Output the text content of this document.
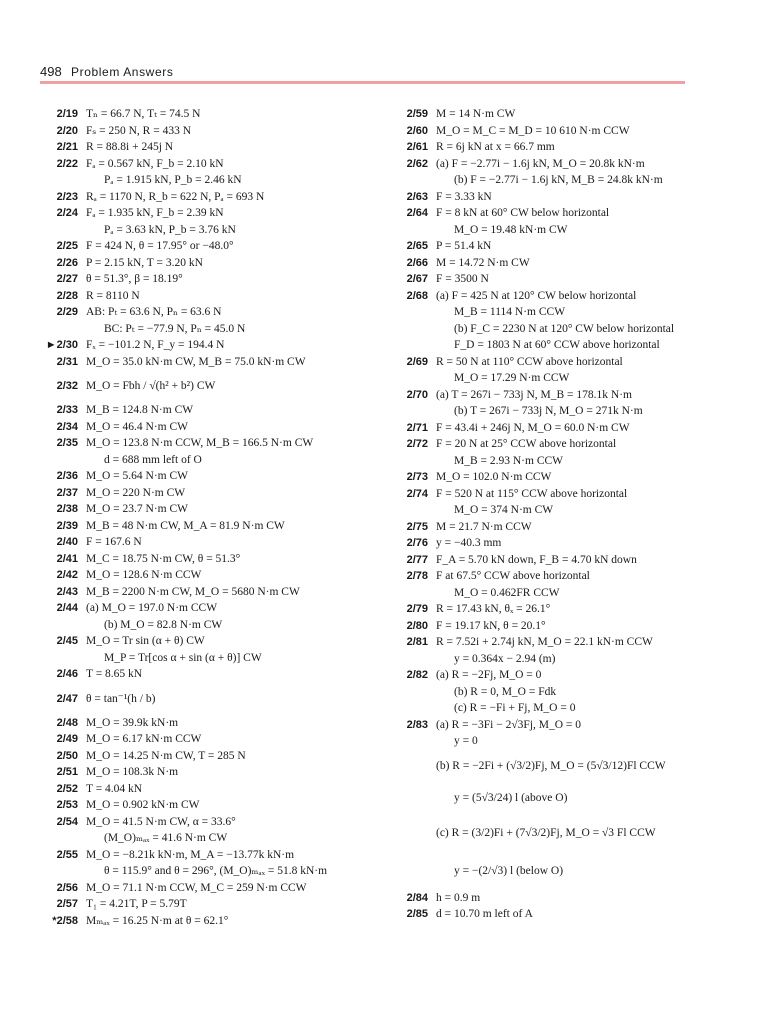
498 Problem Answers
2/19 Tₙ = 66.7 N, Tₜ = 74.5 N
2/20 Fₛ = 250 N, R = 433 N
2/21 R = 88.8i + 245j N
2/22 Fₐ = 0.567 kN, F_b = 2.10 kN
Pₐ = 1.915 kN, P_b = 2.46 kN
2/23 Rₐ = 1170 N, R_b = 622 N, Pₐ = 693 N
2/24 Fₐ = 1.935 kN, F_b = 2.39 kN
Pₐ = 3.63 kN, P_b = 3.76 kN
2/25 F = 424 N, θ = 17.95° or −48.0°
2/26 P = 2.15 kN, T = 3.20 kN
2/27 θ = 51.3°, β = 18.19°
2/28 R = 8110 N
2/29 AB: Pₜ = 63.6 N, Pₙ = 63.6 N
BC: Pₜ = −77.9 N, Pₙ = 45.0 N
►2/30 Fₓ = −101.2 N, F_y = 194.4 N
2/31 M_O = 35.0 kN·m CW, M_B = 75.0 kN·m CW
2/32 M_O = Fbh / √(h² + b²) CW
2/33 M_B = 124.8 N·m CW
2/34 M_O = 46.4 N·m CW
2/35 M_O = 123.8 N·m CCW, M_B = 166.5 N·m CW
d = 688 mm left of O
2/36 M_O = 5.64 N·m CW
2/37 M_O = 220 N·m CW
2/38 M_O = 23.7 N·m CW
2/39 M_B = 48 N·m CW, M_A = 81.9 N·m CW
2/40 F = 167.6 N
2/41 M_C = 18.75 N·m CW, θ = 51.3°
2/42 M_O = 128.6 N·m CCW
2/43 M_B = 2200 N·m CW, M_O = 5680 N·m CW
2/44 (a) M_O = 197.0 N·m CCW
(b) M_O = 82.8 N·m CW
2/45 M_O = Tr sin (α + θ) CW
M_P = Tr[cos α + sin (α + θ)] CW
2/46 T = 8.65 kN
2/47 θ = tan⁻¹(h / b)
2/48 M_O = 39.9k kN·m
2/49 M_O = 6.17 kN·m CCW
2/50 M_O = 14.25 N·m CW, T = 285 N
2/51 M_O = 108.3k N·m
2/52 T = 4.04 kN
2/53 M_O = 0.902 kN·m CW
2/54 M_O = 41.5 N·m CW, α = 33.6°
(M_O)ₘₐₓ = 41.6 N·m CW
2/55 M_O = −8.21k kN·m, M_A = −13.77k kN·m
θ = 115.9° and θ = 296°, (M_O)ₘₐₓ = 51.8 kN·m
2/56 M_O = 71.1 N·m CCW, M_C = 259 N·m CCW
2/57 T₁ = 4.21T, P = 5.79T
*2/58 Mₘₐₓ = 16.25 N·m at θ = 62.1°
2/59 M = 14 N·m CW
2/60 M_O = M_C = M_D = 10 610 N·m CCW
2/61 R = 6j kN at x = 66.7 mm
2/62 (a) F = −2.77i − 1.6j kN, M_O = 20.8k kN·m
(b) F = −2.77i − 1.6j kN, M_B = 24.8k kN·m
2/63 F = 3.33 kN
2/64 F = 8 kN at 60° CW below horizontal
M_O = 19.48 kN·m CW
2/65 P = 51.4 kN
2/66 M = 14.72 N·m CW
2/67 F = 3500 N
2/68 (a) F = 425 N at 120° CW below horizontal
M_B = 1114 N·m CCW
(b) F_C = 2230 N at 120° CW below horizontal
F_D = 1803 N at 60° CCW above horizontal
2/69 R = 50 N at 110° CCW above horizontal
M_O = 17.29 N·m CCW
2/70 (a) T = 267i − 733j N, M_B = 178.1k N·m
(b) T = 267i − 733j N, M_O = 271k N·m
2/71 F = 43.4i + 246j N, M_O = 60.0 N·m CW
2/72 F = 20 N at 25° CCW above horizontal
M_B = 2.93 N·m CCW
2/73 M_O = 102.0 N·m CCW
2/74 F = 520 N at 115° CCW above horizontal
M_O = 374 N·m CW
2/75 M = 21.7 N·m CCW
2/76 y = −40.3 mm
2/77 F_A = 5.70 kN down, F_B = 4.70 kN down
2/78 F at 67.5° CCW above horizontal
M_O = 0.462FR CCW
2/79 R = 17.43 kN, θₓ = 26.1°
2/80 F = 19.17 kN, θ = 20.1°
2/81 R = 7.52i + 2.74j kN, M_O = 22.1 kN·m CCW
y = 0.364x − 2.94 (m)
2/82 (a) R = −2Fj, M_O = 0
(b) R = 0, M_O = Fdk
(c) R = −Fi + Fj, M_O = 0
2/83 (a) R = −3Fi − 2√3Fj, M_O = 0
y = 0
(b) R = −2Fi + (√3/2)Fj, M_O = (5√3/12)Fl CCW
y = (5√3/24) l (above O)
(c) R = (3/2)Fi + (7√3/2)Fj, M_O = √3 Fl CCW
y = −(2/√3) l (below O)
2/84 h = 0.9 m
2/85 d = 10.70 m left of A
